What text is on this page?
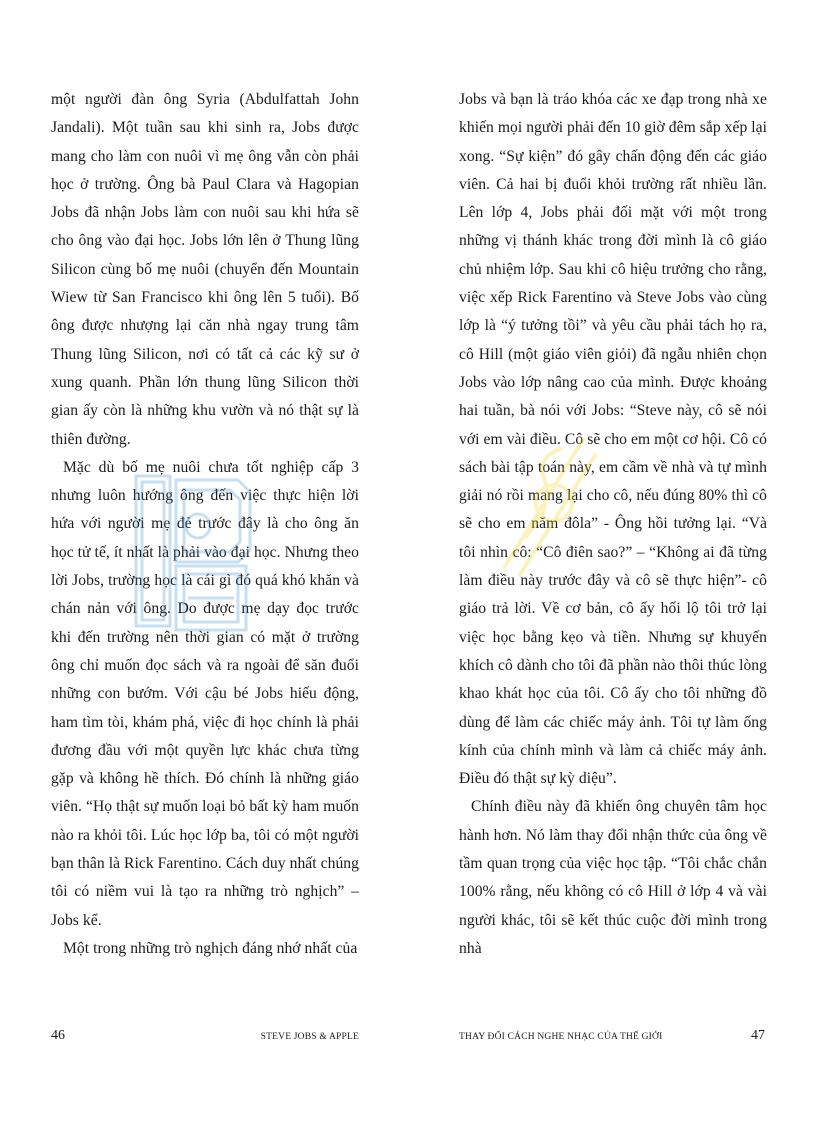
một người đàn ông Syria (Abdulfattah John Jandali). Một tuần sau khi sinh ra, Jobs được mang cho làm con nuôi vì mẹ ông vẫn còn phải học ở trường. Ông bà Paul Clara và Hagopian Jobs đã nhận Jobs làm con nuôi sau khi hứa sẽ cho ông vào đại học. Jobs lớn lên ở Thung lũng Silicon cùng bố mẹ nuôi (chuyển đến Mountain Wiew từ San Francisco khi ông lên 5 tuổi). Bố ông được nhượng lại căn nhà ngay trung tâm Thung lũng Silicon, nơi có tất cả các kỹ sư ở xung quanh. Phần lớn thung lũng Silicon thời gian ấy còn là những khu vườn và nó thật sự là thiên đường.

Mặc dù bố mẹ nuôi chưa tốt nghiệp cấp 3 nhưng luôn hướng ông đến việc thực hiện lời hứa với người mẹ đẻ trước đây là cho ông ăn học tử tế, ít nhất là phải vào đại học. Nhưng theo lời Jobs, trường học là cái gì đó quá khó khăn và chán nản với ông. Do được mẹ dạy đọc trước khi đến trường nên thời gian có mặt ở trường ông chỉ muốn đọc sách và ra ngoài để săn đuổi những con bướm. Với cậu bé Jobs hiếu động, ham tìm tòi, khám phá, việc đi học chính là phải đương đầu với một quyền lực khác chưa từng gặp và không hề thích. Đó chính là những giáo viên. “Họ thật sự muốn loại bỏ bất kỳ ham muốn nào ra khỏi tôi. Lúc học lớp ba, tôi có một người bạn thân là Rick Farentino. Cách duy nhất chúng tôi có niềm vui là tạo ra những trò nghịch” – Jobs kể.

Một trong những trò nghịch đáng nhớ nhất của

46	STEVE JOBS & APPLE

Jobs và bạn là tráo khóa các xe đạp trong nhà xe khiến mọi người phải đến 10 giờ đêm sắp xếp lại xong. “Sự kiện” đó gây chấn động đến các giáo viên. Cả hai bị đuổi khỏi trường rất nhiều lần. Lên lớp 4, Jobs phải đối mặt với một trong những vị thánh khác trong đời mình là cô giáo chủ nhiệm lớp. Sau khi cô hiệu trưởng cho rằng, việc xếp Rick Farentino và Steve Jobs vào cùng lớp là “ý tưởng tồi” và yêu cầu phải tách họ ra, cô Hill (một giáo viên giỏi) đã ngẫu nhiên chọn Jobs vào lớp nâng cao của mình. Được khoảng hai tuần, bà nói với Jobs: “Steve này, cô sẽ nói với em vài điều. Cô sẽ cho em một cơ hội. Cô có sách bài tập toán này, em cầm về nhà và tự mình giải nó rồi mang lại cho cô, nếu đúng 80% thì cô sẽ cho em năm đôla” - Ông hồi tưởng lại. “Và tôi nhìn cô: “Cô điên sao?” – “Không ai đã từng làm điều này trước đây và cô sẽ thực hiện”- cô giáo trả lời. Về cơ bản, cô ấy hối lộ tôi trở lại việc học bằng kẹo và tiền. Nhưng sự khuyến khích cô dành cho tôi đã phần nào thôi thúc lòng khao khát học của tôi. Cô ấy cho tôi những đồ dùng để làm các chiếc máy ảnh. Tôi tự làm ống kính của chính mình và làm cả chiếc máy ảnh. Điều đó thật sự kỳ diệu”.

Chính điều này đã khiến ông chuyên tâm học hành hơn. Nó làm thay đổi nhận thức của ông về tầm quan trọng của việc học tập. “Tôi chắc chắn 100% rằng, nếu không có cô Hill ở lớp 4 và vài người khác, tôi sẽ kết thúc cuộc đời mình trong nhà

THAY ĐỔI CÁCH NGHE NHẠC CỦA THẾ GIỚI	47
